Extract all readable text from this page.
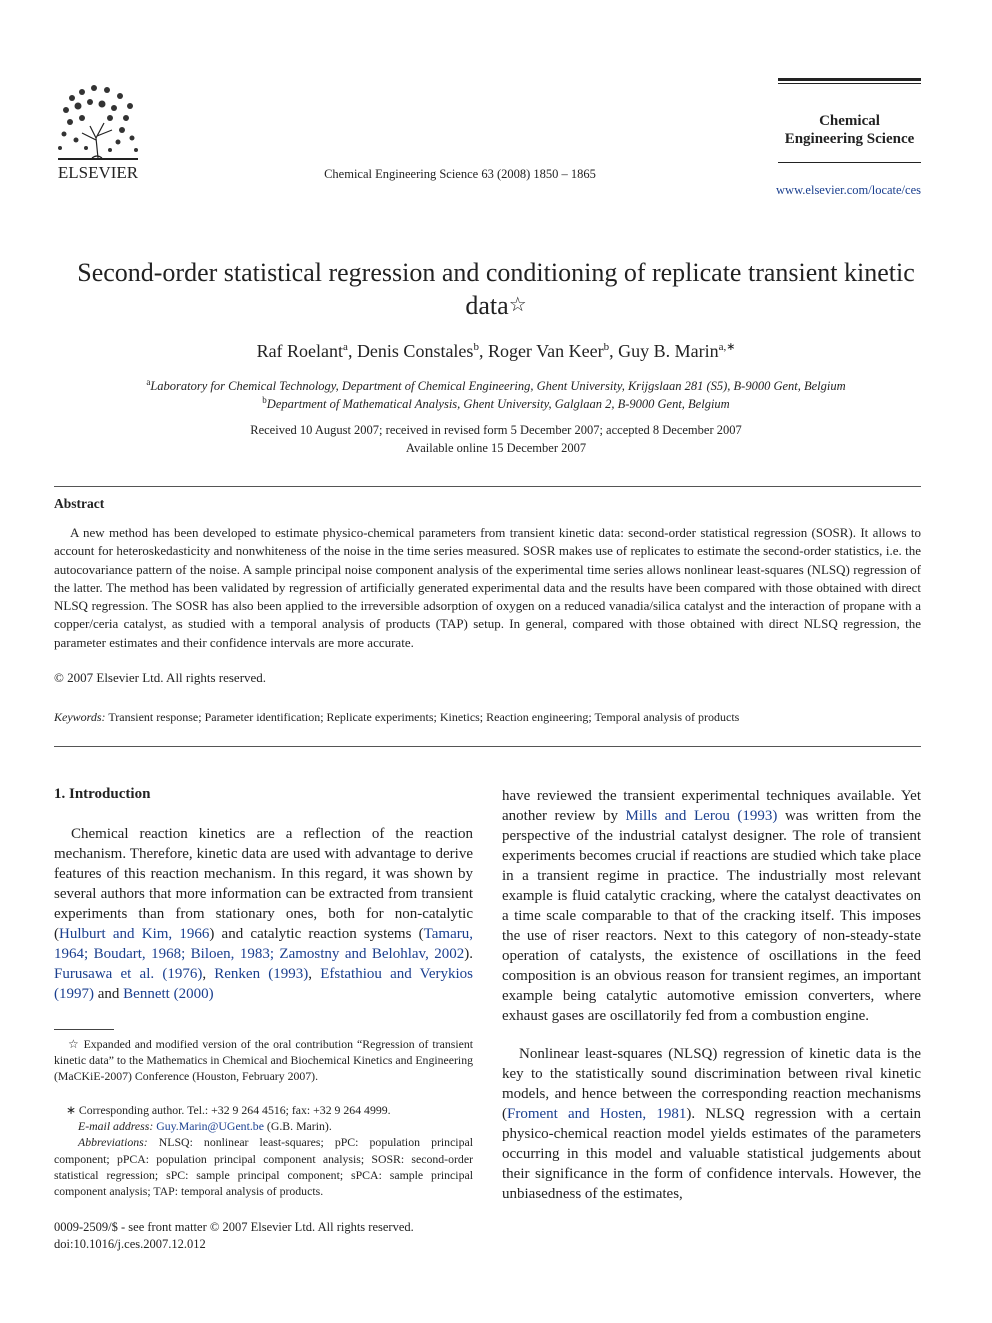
ELSEVIER	Chemical Engineering Science 63 (2008) 1850 – 1865
Chemical
Engineering Science
www.elsevier.com/locate/ces
Second-order statistical regression and conditioning of replicate transient kinetic data☆
Raf Roelant$^a$, Denis Constales$^b$, Roger Van Keer$^b$, Guy B. Marin$^{a,∗}$
$^a$Laboratory for Chemical Technology, Department of Chemical Engineering, Ghent University, Krijgslaan 281 (S5), B-9000 Gent, Belgium
$^b$Department of Mathematical Analysis, Ghent University, Galglaan 2, B-9000 Gent, Belgium
Received 10 August 2007; received in revised form 5 December 2007; accepted 8 December 2007
Available online 15 December 2007
Abstract
A new method has been developed to estimate physico-chemical parameters from transient kinetic data: second-order statistical regression (SOSR). It allows to account for heteroskedasticity and nonwhiteness of the noise in the time series measured. SOSR makes use of replicates to estimate the second-order statistics, i.e. the autocovariance pattern of the noise. A sample principal noise component analysis of the experimental time series allows nonlinear least-squares (NLSQ) regression of the latter. The method has been validated by regression of artificially generated experimental data and the results have been compared with those obtained with direct NLSQ regression. The SOSR has also been applied to the irreversible adsorption of oxygen on a reduced vanadia/silica catalyst and the interaction of propane with a copper/ceria catalyst, as studied with a temporal analysis of products (TAP) setup. In general, compared with those obtained with direct NLSQ regression, the parameter estimates and their confidence intervals are more accurate.
© 2007 Elsevier Ltd. All rights reserved.
Keywords: Transient response; Parameter identification; Replicate experiments; Kinetics; Reaction engineering; Temporal analysis of products
1. Introduction
Chemical reaction kinetics are a reflection of the reaction mechanism. Therefore, kinetic data are used with advantage to derive features of this reaction mechanism. In this regard, it was shown by several authors that more information can be extracted from transient experiments than from stationary ones, both for non-catalytic (Hulburt and Kim, 1966) and catalytic reaction systems (Tamaru, 1964; Boudart, 1968; Biloen, 1983; Zamostny and Belohlav, 2002). Furusawa et al. (1976), Renken (1993), Efstathiou and Verykios (1997) and Bennett (2000)
☆ Expanded and modified version of the oral contribution “Regression of transient kinetic data” to the Mathematics in Chemical and Biochemical Kinetics and Engineering (MaCKiE-2007) Conference (Houston, February 2007).
∗ Corresponding author. Tel.: +32 9 264 4516; fax: +32 9 264 4999.
E-mail address: Guy.Marin@UGent.be (G.B. Marin).
Abbreviations: NLSQ: nonlinear least-squares; pPC: population principal component; pPCA: population principal component analysis; SOSR: second-order statistical regression; sPC: sample principal component; sPCA: sample principal component analysis; TAP: temporal analysis of products.
0009-2509/$ - see front matter © 2007 Elsevier Ltd. All rights reserved.
doi:10.1016/j.ces.2007.12.012
have reviewed the transient experimental techniques available. Yet another review by Mills and Lerou (1993) was written from the perspective of the industrial catalyst designer. The role of transient experiments becomes crucial if reactions are studied which take place in a transient regime in practice. The industrially most relevant example is fluid catalytic cracking, where the catalyst deactivates on a time scale comparable to that of the cracking itself. This imposes the use of riser reactors. Next to this category of non-steady-state operation of catalysts, the existence of oscillations in the feed composition is an obvious reason for transient regimes, an important example being catalytic automotive emission converters, where exhaust gases are oscillatorily fed from a combustion engine.
Nonlinear least-squares (NLSQ) regression of kinetic data is the key to the statistically sound discrimination between rival kinetic models, and hence between the corresponding reaction mechanisms (Froment and Hosten, 1981). NLSQ regression with a certain physico-chemical reaction model yields estimates of the parameters occurring in this model and valuable statistical judgements about their significance in the form of confidence intervals. However, the unbiasedness of the estimates,
